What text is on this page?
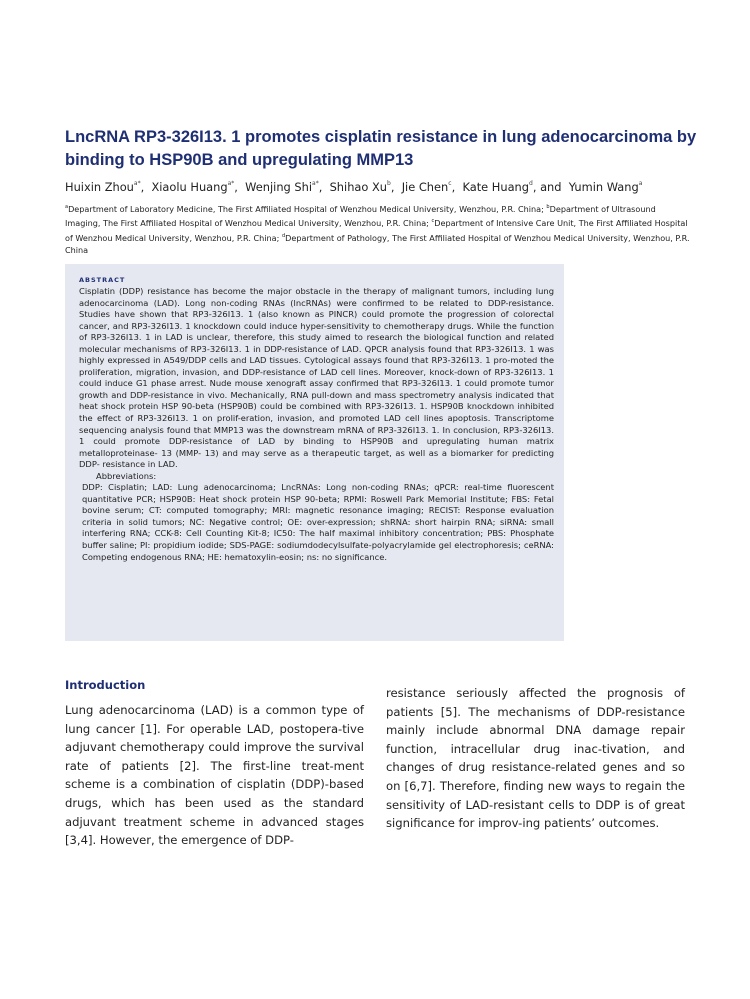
LncRNA RP3-326I13. 1 promotes cisplatin resistance in lung adenocarcinoma by binding to HSP90B and upregulating MMP13
Huixin Zhou$^{a*}$,  Xiaolu Huang$^{a*}$,  Wenjing Shi$^{a*}$,  Shihao Xu$^b$,  Jie Chen$^c$,  Kate Huang$^d$, and  Yumin Wang$^a$
$^a$Department of Laboratory Medicine, The First Affiliated Hospital of Wenzhou Medical University, Wenzhou, P.R. China; $^b$Department of Ultrasound Imaging, The First Affiliated Hospital of Wenzhou Medical University, Wenzhou, P.R. China; $^c$Department of Intensive Care Unit, The First Affiliated Hospital of Wenzhou Medical University, Wenzhou, P.R. China; $^d$Department of Pathology, The First Affiliated Hospital of Wenzhou Medical University, Wenzhou, P.R. China
ABSTRACT

Cisplatin (DDP) resistance has become the major obstacle in the therapy of malignant tumors, including lung adenocarcinoma (LAD). Long non-coding RNAs (lncRNAs) were confirmed to be related to DDP-resistance. Studies have shown that RP3-326I13. 1 (also known as PINCR) could promote the progression of colorectal cancer, and RP3-326I13. 1 knockdown could induce hyper-sensitivity to chemotherapy drugs. While the function of RP3-326I13. 1 in LAD is unclear, therefore, this study aimed to research the biological function and related molecular mechanisms of RP3-326I13. 1 in DDP-resistance of LAD. QPCR analysis found that RP3-326I13. 1 was highly expressed in A549/DDP cells and LAD tissues. Cytological assays found that RP3-326I13. 1 pro-moted the proliferation, migration, invasion, and DDP-resistance of LAD cell lines. Moreover, knock-down of RP3-326I13. 1 could induce G1 phase arrest. Nude mouse xenograft assay confirmed that RP3-326I13. 1 could promote tumor growth and DDP-resistance in vivo. Mechanically, RNA pull-down and mass spectrometry analysis indicated that heat shock protein HSP 90-beta (HSP90B) could be combined with RP3-326I13. 1. HSP90B knockdown inhibited the effect of RP3-326I13. 1 on prolif-eration, invasion, and promoted LAD cell lines apoptosis. Transcriptome sequencing analysis found that MMP13 was the downstream mRNA of RP3-326I13. 1. In conclusion, RP3-326I13. 1 could promote DDP-resistance of LAD by binding to HSP90B and upregulating human matrix metalloproteinase- 13 (MMP- 13) and may serve as a therapeutic target, as well as a biomarker for predicting DDP- resistance in LAD.

Abbreviations:

DDP: Cisplatin; LAD: Lung adenocarcinoma; LncRNAs: Long non-coding RNAs; qPCR: real-time fluorescent quantitative PCR; HSP90B: Heat shock protein HSP 90-beta; RPMI: Roswell Park Memorial Institute; FBS: Fetal bovine serum; CT: computed tomography; MRI: magnetic resonance imaging; RECIST: Response evaluation criteria in solid tumors; NC: Negative control; OE: over-expression; shRNA: short hairpin RNA; siRNA: small interfering RNA; CCK-8: Cell Counting Kit-8; IC50: The half maximal inhibitory concentration; PBS: Phosphate buffer saline; PI: propidium iodide; SDS-PAGE: sodiumdodecylsulfate-polyacrylamide gel electrophoresis; ceRNA: Competing endogenous RNA; HE: hematoxylin-eosin; ns: no significance.

Introduction

Lung adenocarcinoma (LAD) is a common type of lung cancer [1]. For operable LAD, postopera-tive adjuvant chemotherapy could improve the survival rate of patients [2]. The first-line treat-ment scheme is a combination of cisplatin (DDP)-based drugs, which has been used as the standard adjuvant treatment scheme in advanced stages [3,4]. However, the emergence of DDP-

resistance seriously affected the prognosis of patients [5]. The mechanisms of DDP-resistance mainly include abnormal DNA damage repair function, intracellular drug inac-tivation, and changes of drug resistance-related genes and so on [6,7]. Therefore, finding new ways to regain the sensitivity of LAD-resistant cells to DDP is of great significance for improv-ing patients’ outcomes.
